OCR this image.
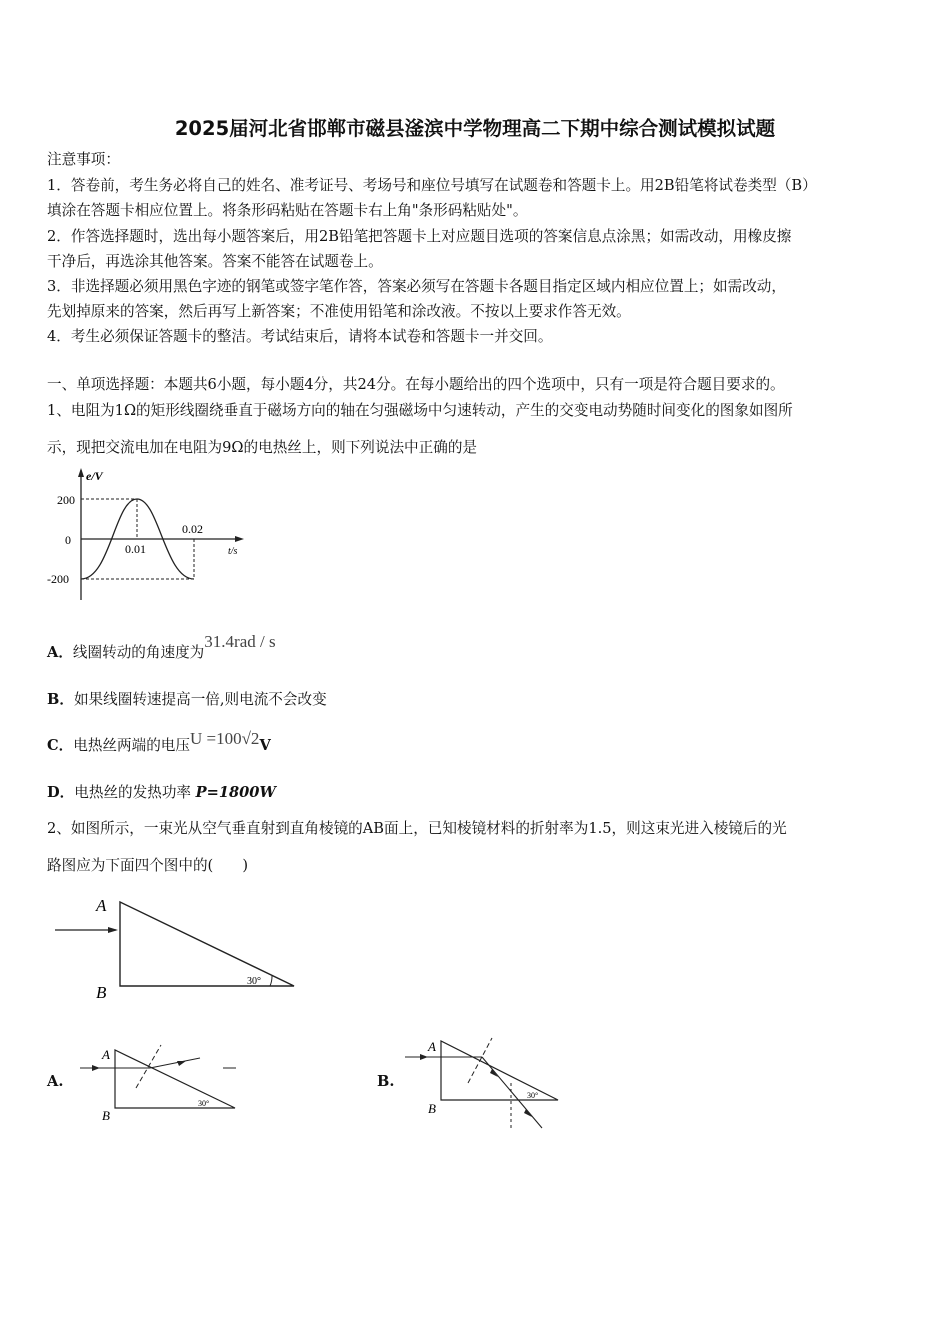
2025届河北省邯郸市磁县滏滨中学物理高二下期中综合测试模拟试题
注意事项：
1．答卷前，考生务必将自己的姓名、准考证号、考场号和座位号填写在试题卷和答题卡上。用2B铅笔将试卷类型（B）
填涂在答题卡相应位置上。将条形码粘贴在答题卡右上角"条形码粘贴处"。
2．作答选择题时，选出每小题答案后，用2B铅笔把答题卡上对应题目选项的答案信息点涂黑；如需改动，用橡皮擦
干净后，再选涂其他答案。答案不能答在试题卷上。
3．非选择题必须用黑色字迹的钢笔或签字笔作答，答案必须写在答题卡各题目指定区域内相应位置上；如需改动，
先划掉原来的答案，然后再写上新答案；不准使用铅笔和涂改液。不按以上要求作答无效。
4．考生必须保证答题卡的整洁。考试结束后，请将本试卷和答题卡一并交回。
一、单项选择题：本题共6小题，每小题4分，共24分。在每小题给出的四个选项中，只有一项是符合题目要求的。
1、电阻为1Ω的矩形线圈绕垂直于磁场方向的轴在匀强磁场中匀速转动，产生的交变电动势随时间变化的图象如图所
示，现把交流电加在电阻为9Ω的电热丝上，则下列说法中正确的是
e/V
200
0
-200
0.01
0.02
t/s
A．线圈转动的角速度为31.4rad / s
B．如果线圈转速提高一倍,则电流不会改变
C．电热丝两端的电压U =100√2V
D．电热丝的发热功率 P=1800W
2、如图所示，一束光从空气垂直射到直角棱镜的AB面上，已知棱镜材料的折射率为1.5，则这束光进入棱镜后的光
路图应为下面四个图中的(　　)
A
B
30°
A.
A
B
30°
B.
A
B
30°
